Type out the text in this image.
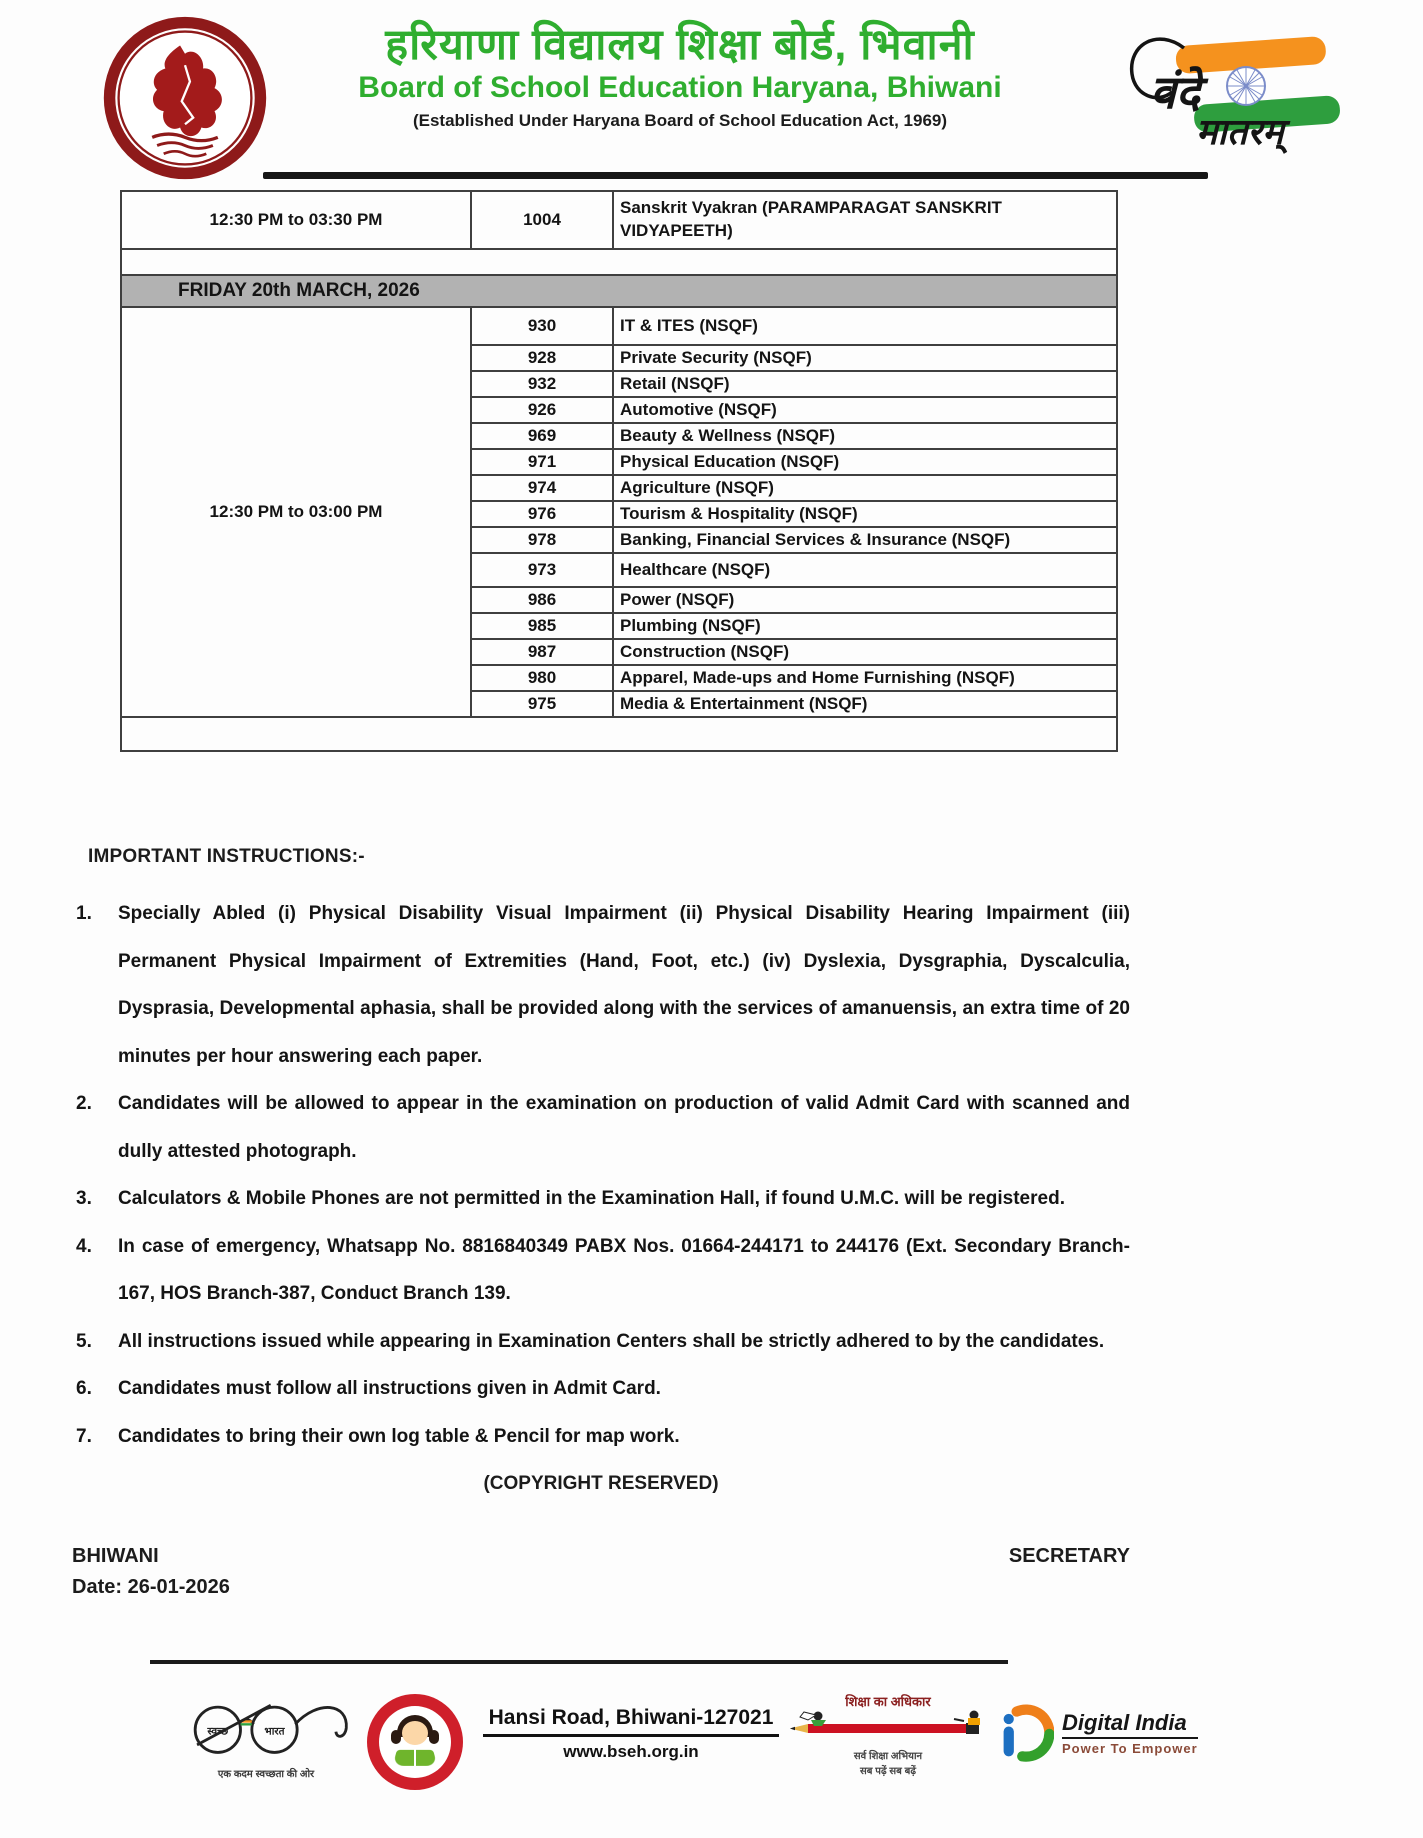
हरियाणा विद्यालय शिक्षा बोर्ड, भिवानी
Board of School Education Haryana, Bhiwani
(Established Under Haryana Board of School Education Act, 1969)
वंदे
मातरम्
12:30 PM to 03:30 PM	1004	Sanskrit Vyakran (PARAMPARAGAT SANSKRIT VIDYAPEETH)

FRIDAY 20th MARCH, 2026		
12:30 PM to 03:00 PM	930	IT & ITES (NSQF)
	928	Private Security (NSQF)
	932	Retail (NSQF)
	926	Automotive (NSQF)
	969	Beauty & Wellness (NSQF)
	971	Physical Education (NSQF)
	974	Agriculture (NSQF)
	976	Tourism & Hospitality (NSQF)
	978	Banking, Financial Services & Insurance (NSQF)
	973	Healthcare (NSQF)
	986	Power (NSQF)
	985	Plumbing (NSQF)
	987	Construction (NSQF)
	980	Apparel, Made-ups and Home Furnishing (NSQF)
	975	Media & Entertainment (NSQF)

IMPORTANT INSTRUCTIONS:-
1.	Specially Abled (i) Physical Disability Visual Impairment (ii) Physical Disability Hearing Impairment (iii) Permanent Physical Impairment of Extremities (Hand, Foot, etc.) (iv) Dyslexia, Dysgraphia, Dyscalculia, Dysprasia, Developmental aphasia, shall be provided along with the services of amanuensis, an extra time of 20 minutes per hour answering each paper.
2.	Candidates will be allowed to appear in the examination on production of valid Admit Card with scanned and dully attested photograph.
3.	Calculators & Mobile Phones are not permitted in the Examination Hall, if found U.M.C. will be registered.
4.	In case of emergency, Whatsapp No. 8816840349 PABX Nos. 01664-244171 to 244176 (Ext. Secondary Branch-167, HOS Branch-387, Conduct Branch 139.
5.	All instructions issued while appearing in Examination Centers shall be strictly adhered to by the candidates.
6.	Candidates must follow all instructions given in Admit Card.
7.	Candidates to bring their own log table & Pencil for map work.
(COPYRIGHT RESERVED)
BHIWANI	SECRETARY
Date: 26-01-2026
स्वच्छ	भारत
एक कदम स्वच्छता की ओर
Hansi Road, Bhiwani-127021
www.bseh.org.in
शिक्षा का अधिकार
सर्व शिक्षा अभियान
सब पढ़ें सब बढ़ें
Digital India
Power To Empower
